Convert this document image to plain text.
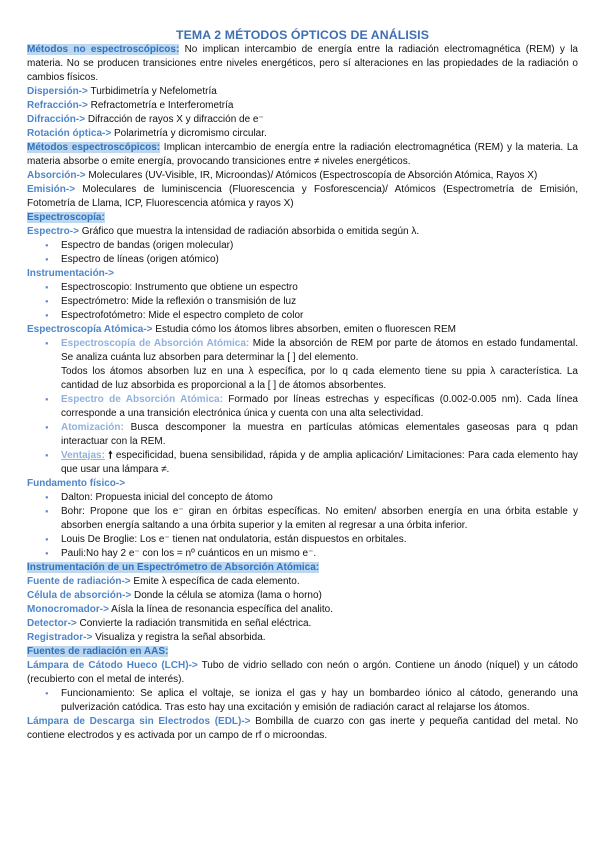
TEMA 2 MÉTODOS ÓPTICOS DE ANÁLISIS

Métodos no espectroscópicos: No implican intercambio de energía entre la radiación electromagnética (REM) y la materia. No se producen transiciones entre niveles energéticos, pero sí alteraciones en las propiedades de la radiación o cambios físicos.

Dispersión-> Turbidimetría y Nefelometría

Refracción-> Refractometría e Interferometría

Difracción-> Difracción de rayos X y difracción de e⁻

Rotación óptica-> Polarimetría y dicromismo circular.

Métodos espectroscópicos: Implican intercambio de energía entre la radiación electromagnética (REM) y la materia. La materia absorbe o emite energía, provocando transiciones entre ≠ niveles energéticos.

Absorción-> Moleculares (UV-Visible, IR, Microondas)/ Atómicos (Espectroscopía de Absorción Atómica, Rayos X)

Emisión-> Moleculares de luminiscencia (Fluorescencia y Fosforescencia)/ Atómicos (Espectrometría de Emisión, Fotometría de Llama, ICP, Fluorescencia atómica y rayos X)

Espectroscopía:

Espectro-> Gráfico que muestra la intensidad de radiación absorbida o emitida según λ.

● Espectro de bandas (origen molecular)
● Espectro de líneas (origen atómico)

Instrumentación->

● Espectroscopio: Instrumento que obtiene un espectro
● Espectrómetro: Mide la reflexión o transmisión de luz
● Espectrofotómetro: Mide el espectro completo de color

Espectroscopía Atómica-> Estudia cómo los átomos libres absorben, emiten o fluorescen REM

● Espectroscopía de Absorción Atómica: Mide la absorción de REM por parte de átomos en estado fundamental. Se analiza cuánta luz absorben para determinar la [ ] del elemento.
Todos los átomos absorben luz en una λ específica, por lo q cada elemento tiene su ppia λ característica. La cantidad de luz absorbida es proporcional a la [ ] de átomos absorbentes.
● Espectro de Absorción Atómica: Formado por líneas estrechas y específicas (0.002-0.005 nm). Cada línea corresponde a una transición electrónica única y cuenta con una alta selectividad.
● Atomización: Busca descomponer la muestra en partículas atómicas elementales gaseosas para q pdan interactuar con la REM.
● Ventajas: 🠕 especificidad, buena sensibilidad, rápida y de amplia aplicación/ Limitaciones: Para cada elemento hay que usar una lámpara ≠.

Fundamento físico->

● Dalton: Propuesta inicial del concepto de átomo
● Bohr: Propone que los e⁻ giran en órbitas específicas. No emiten/ absorben energía en una órbita estable y absorben energía saltando a una órbita superior y la emiten al regresar a una órbita inferior.
● Louis De Broglie: Los e⁻ tienen nat ondulatoria, están dispuestos en orbitales.
● Pauli:No hay 2 e⁻ con los = nº cuánticos en un mismo e⁻.

Instrumentación de un Espectrómetro de Absorción Atómica:

Fuente de radiación-> Emite λ específica de cada elemento.

Célula de absorción-> Donde la célula se atomiza (lama o horno)

Monocromador-> Aísla la línea de resonancia específica del analito.

Detector-> Convierte la radiación transmitida en señal eléctrica.

Registrador-> Visualiza y registra la señal absorbida.

Fuentes de radiación en AAS:

Lámpara de Cátodo Hueco (LCH)-> Tubo de vidrio sellado con neón o argón. Contiene un ánodo (níquel) y un cátodo (recubierto con el metal de interés).

● Funcionamiento: Se aplica el voltaje, se ioniza el gas y hay un bombardeo iónico al cátodo, generando una pulverización catódica. Tras esto hay una excitación y emisión de radiación caract al relajarse los átomos.

Lámpara de Descarga sin Electrodos (EDL)-> Bombilla de cuarzo con gas inerte y pequeña cantidad del metal. No contiene electrodos y es activada por un campo de rf o microondas.
